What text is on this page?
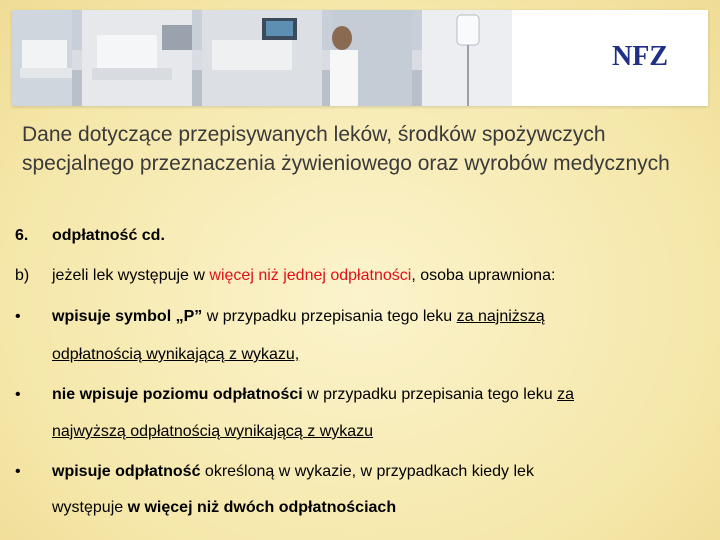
NFZ
Dane dotyczące przepisywanych leków, środków spożywczych specjalnego przeznaczenia żywieniowego oraz wyrobów medycznych
6. odpłatność cd.
b) jeżeli lek występuje w więcej niż jednej odpłatności, osoba uprawniona:
• wpisuje symbol „P” w przypadku przepisania tego leku za najniższą
odpłatnością wynikającą z wykazu,
• nie wpisuje poziomu odpłatności w przypadku przepisania tego leku za
najwyższą odpłatnością wynikającą z wykazu
• wpisuje odpłatność określoną w wykazie, w przypadkach kiedy lek
występuje w więcej niż dwóch odpłatnościach
